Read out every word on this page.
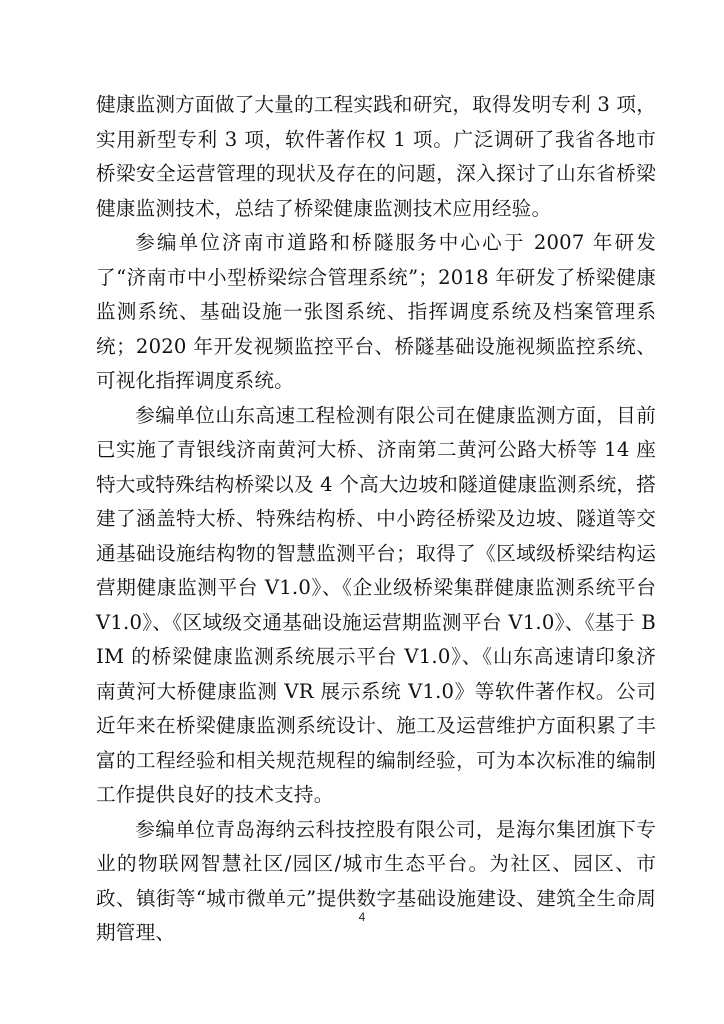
健康监测方面做了大量的工程实践和研究，取得发明专利 3 项，实用新型专利 3 项，软件著作权 1 项。广泛调研了我省各地市桥梁安全运营管理的现状及存在的问题，深入探讨了山东省桥梁健康监测技术，总结了桥梁健康监测技术应用经验。

参编单位济南市道路和桥隧服务中心心于 2007 年研发了“济南市中小型桥梁综合管理系统”；2018 年研发了桥梁健康监测系统、基础设施一张图系统、指挥调度系统及档案管理系统；2020 年开发视频监控平台、桥隧基础设施视频监控系统、可视化指挥调度系统。

参编单位山东高速工程检测有限公司在健康监测方面，目前已实施了青银线济南黄河大桥、济南第二黄河公路大桥等 14 座特大或特殊结构桥梁以及 4 个高大边坡和隧道健康监测系统，搭建了涵盖特大桥、特殊结构桥、中小跨径桥梁及边坡、隧道等交通基础设施结构物的智慧监测平台；取得了《区域级桥梁结构运营期健康监测平台 V1.0》、《企业级桥梁集群健康监测系统平台 V1.0》、《区域级交通基础设施运营期监测平台 V1.0》、《基于 BIM 的桥梁健康监测系统展示平台 V1.0》、《山东高速请印象济南黄河大桥健康监测 VR 展示系统 V1.0》等软件著作权。公司近年来在桥梁健康监测系统设计、施工及运营维护方面积累了丰富的工程经验和相关规范规程的编制经验，可为本次标准的编制工作提供良好的技术支持。

参编单位青岛海纳云科技控股有限公司，是海尔集团旗下专业的物联网智慧社区/园区/城市生态平台。为社区、园区、市政、镇街等“城市微单元”提供数字基础设施建设、建筑全生命周期管理、

4
